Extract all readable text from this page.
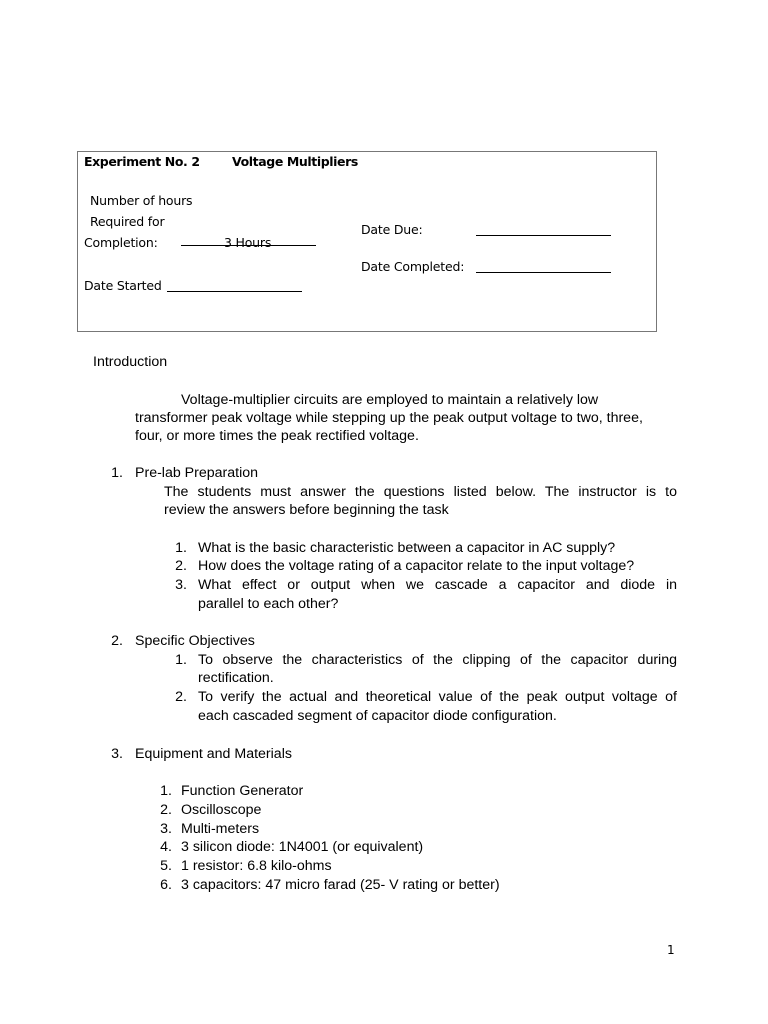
Experiment No. 2	Voltage Multipliers
Number of hours
Required for
Completion:	3 Hours
Date Due:
Date Completed:
Date Started
Introduction
Voltage-multiplier circuits are employed to maintain a relatively low
transformer peak voltage while stepping up the peak output voltage to two, three,
four, or more times the peak rectified voltage.
1. Pre-lab Preparation
The students must answer the questions listed below. The instructor is to
review the answers before beginning the task
1. What is the basic characteristic between a capacitor in AC supply?
2. How does the voltage rating of a capacitor relate to the input voltage?
3. What effect or output when we cascade a capacitor and diode in
parallel to each other?
2. Specific Objectives
1. To observe the characteristics of the clipping of the capacitor during
rectification.
2. To verify the actual and theoretical value of the peak output voltage of
each cascaded segment of capacitor diode configuration.
3. Equipment and Materials
1. Function Generator
2. Oscilloscope
3. Multi-meters
4. 3 silicon diode: 1N4001 (or equivalent)
5. 1 resistor: 6.8 kilo-ohms
6. 3 capacitors: 47 micro farad (25- V rating or better)
1
